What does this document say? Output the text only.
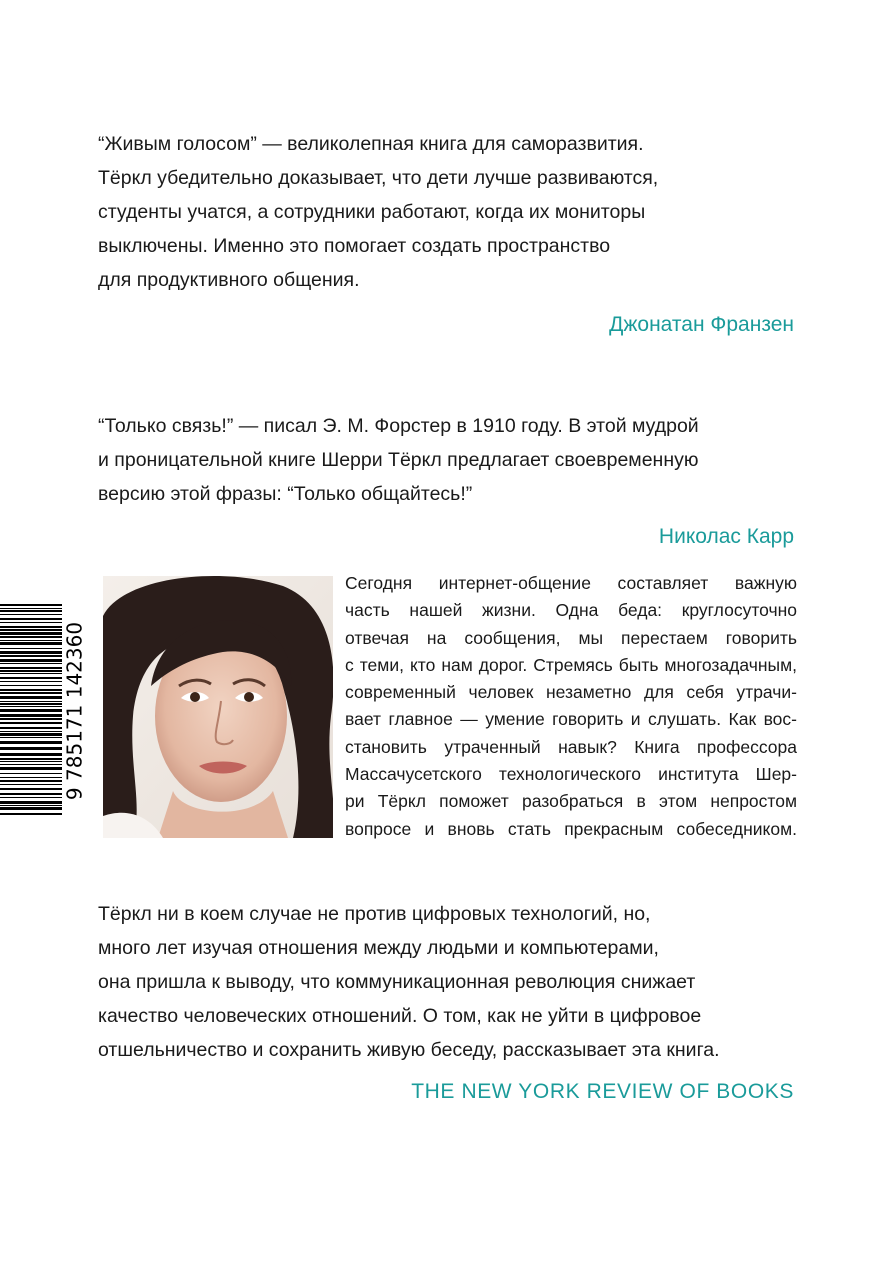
“Живым голосом” — великолепная книга для саморазвития.
Тёркл убедительно доказывает, что дети лучше развиваются,
студенты учатся, а сотрудники работают, когда их мониторы
выключены. Именно это помогает создать пространство
для продуктивного общения.
Джонатан Франзен
“Только связь!” — писал Э. М. Форстер в 1910 году. В этой мудрой
и проницательной книге Шерри Тёркл предлагает своевременную
версию этой фразы: “Только общайтесь!”
Николас Карр
9 785171 142360
Сегодня интернет-общение составляет важную
часть нашей жизни. Одна беда: круглосуточно
отвечая на сообщения, мы перестаем говорить
с теми, кто нам дорог. Стремясь быть многозадачным,
современный человек незаметно для себя утрачи-
вает главное — умение говорить и слушать. Как вос-
становить утраченный навык? Книга профессора
Массачусетского технологического института Шер-
ри Тёркл поможет разобраться в этом непростом
вопросе и вновь стать прекрасным собеседником.
Тёркл ни в коем случае не против цифровых технологий, но,
много лет изучая отношения между людьми и компьютерами,
она пришла к выводу, что коммуникационная революция снижает
качество человеческих отношений. О том, как не уйти в цифровое
отшельничество и сохранить живую беседу, рассказывает эта книга.
THE NEW YORK REVIEW OF BOOKS
